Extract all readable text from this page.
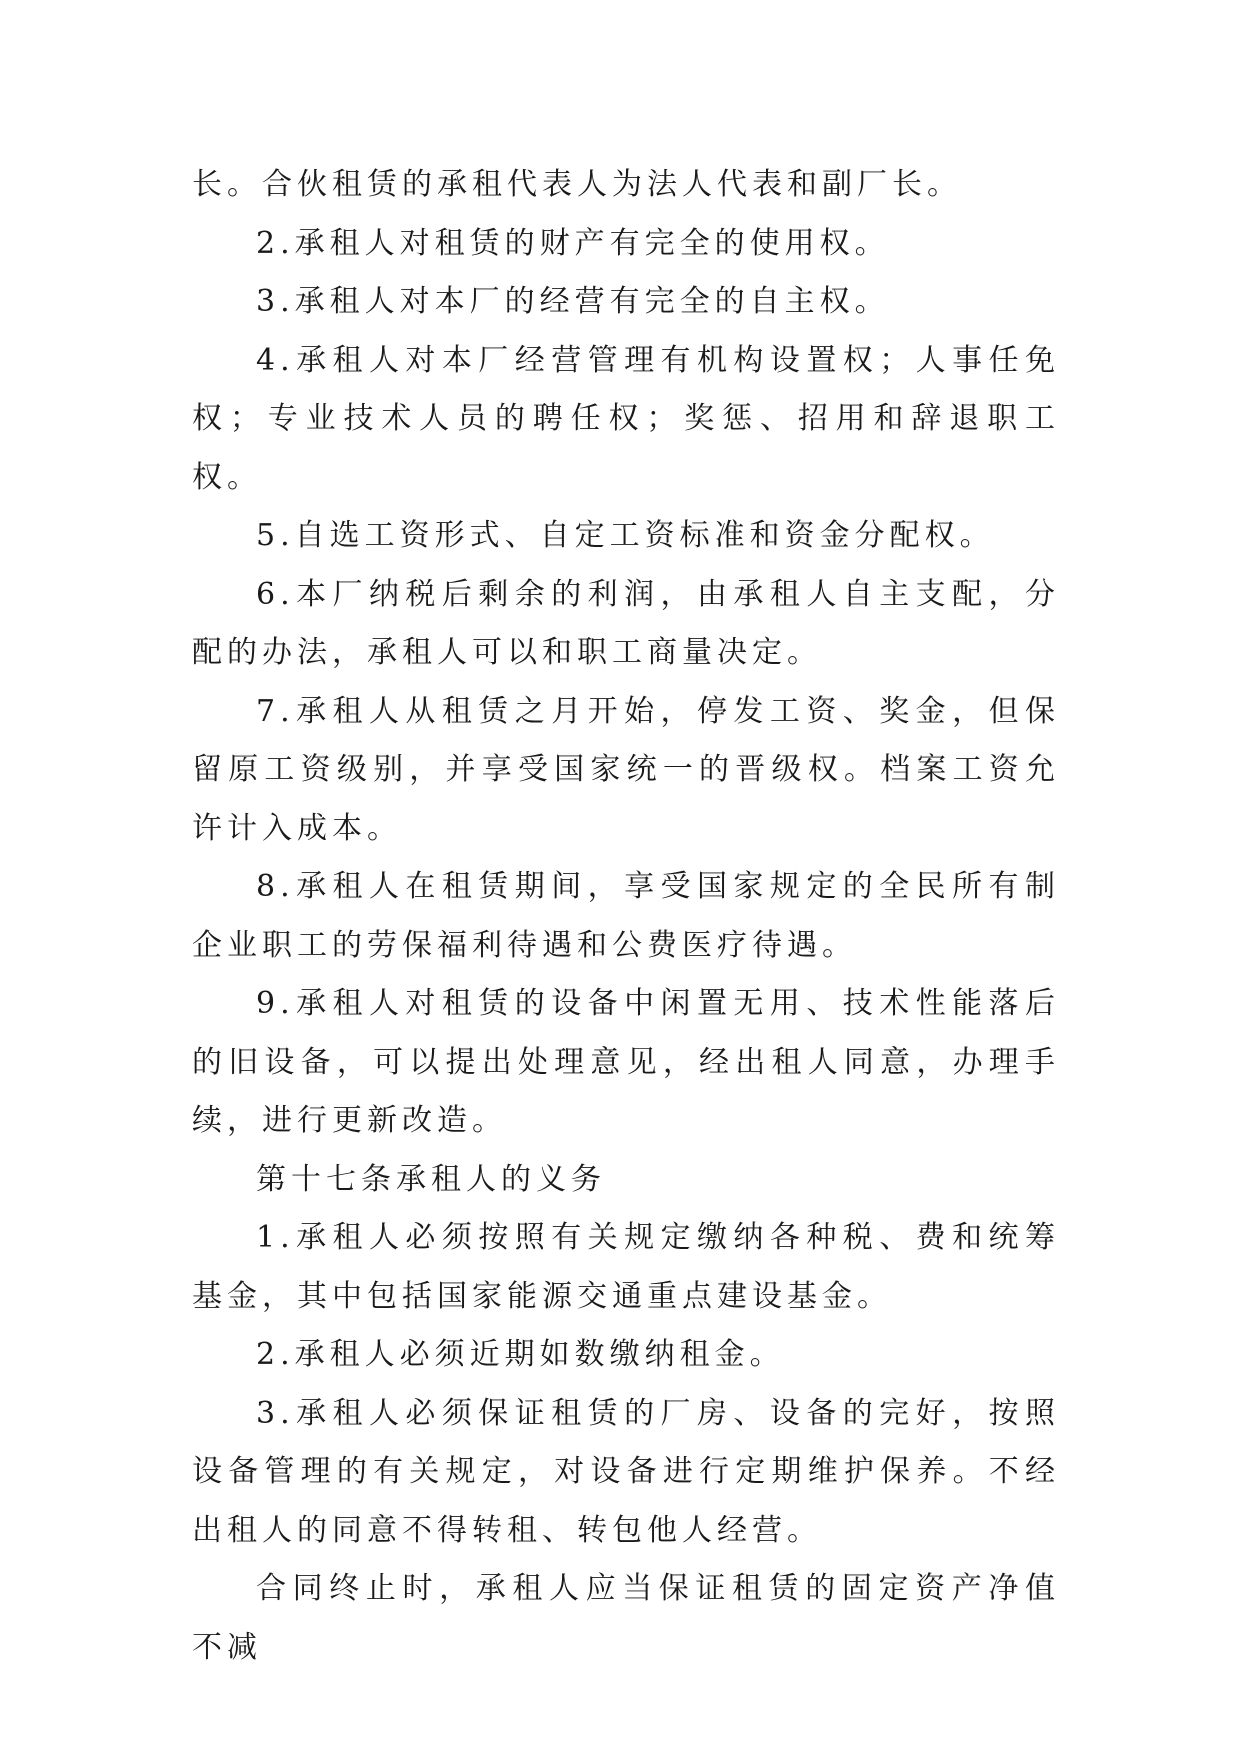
长。合伙租赁的承租代表人为法人代表和副厂长。

2.承租人对租赁的财产有完全的使用权。

3.承租人对本厂的经营有完全的自主权。

4.承租人对本厂经营管理有机构设置权；人事任免权；专业技术人员的聘任权；奖惩、招用和辞退职工权。

5.自选工资形式、自定工资标准和资金分配权。

6.本厂纳税后剩余的利润，由承租人自主支配，分配的办法，承租人可以和职工商量决定。

7.承租人从租赁之月开始，停发工资、奖金，但保留原工资级别，并享受国家统一的晋级权。档案工资允许计入成本。

8.承租人在租赁期间，享受国家规定的全民所有制企业职工的劳保福利待遇和公费医疗待遇。

9.承租人对租赁的设备中闲置无用、技术性能落后的旧设备，可以提出处理意见，经出租人同意，办理手续，进行更新改造。

第十七条承租人的义务

1.承租人必须按照有关规定缴纳各种税、费和统筹基金，其中包括国家能源交通重点建设基金。

2.承租人必须近期如数缴纳租金。

3.承租人必须保证租赁的厂房、设备的完好，按照设备管理的有关规定，对设备进行定期维护保养。不经出租人的同意不得转租、转包他人经营。

合同终止时，承租人应当保证租赁的固定资产净值不减
